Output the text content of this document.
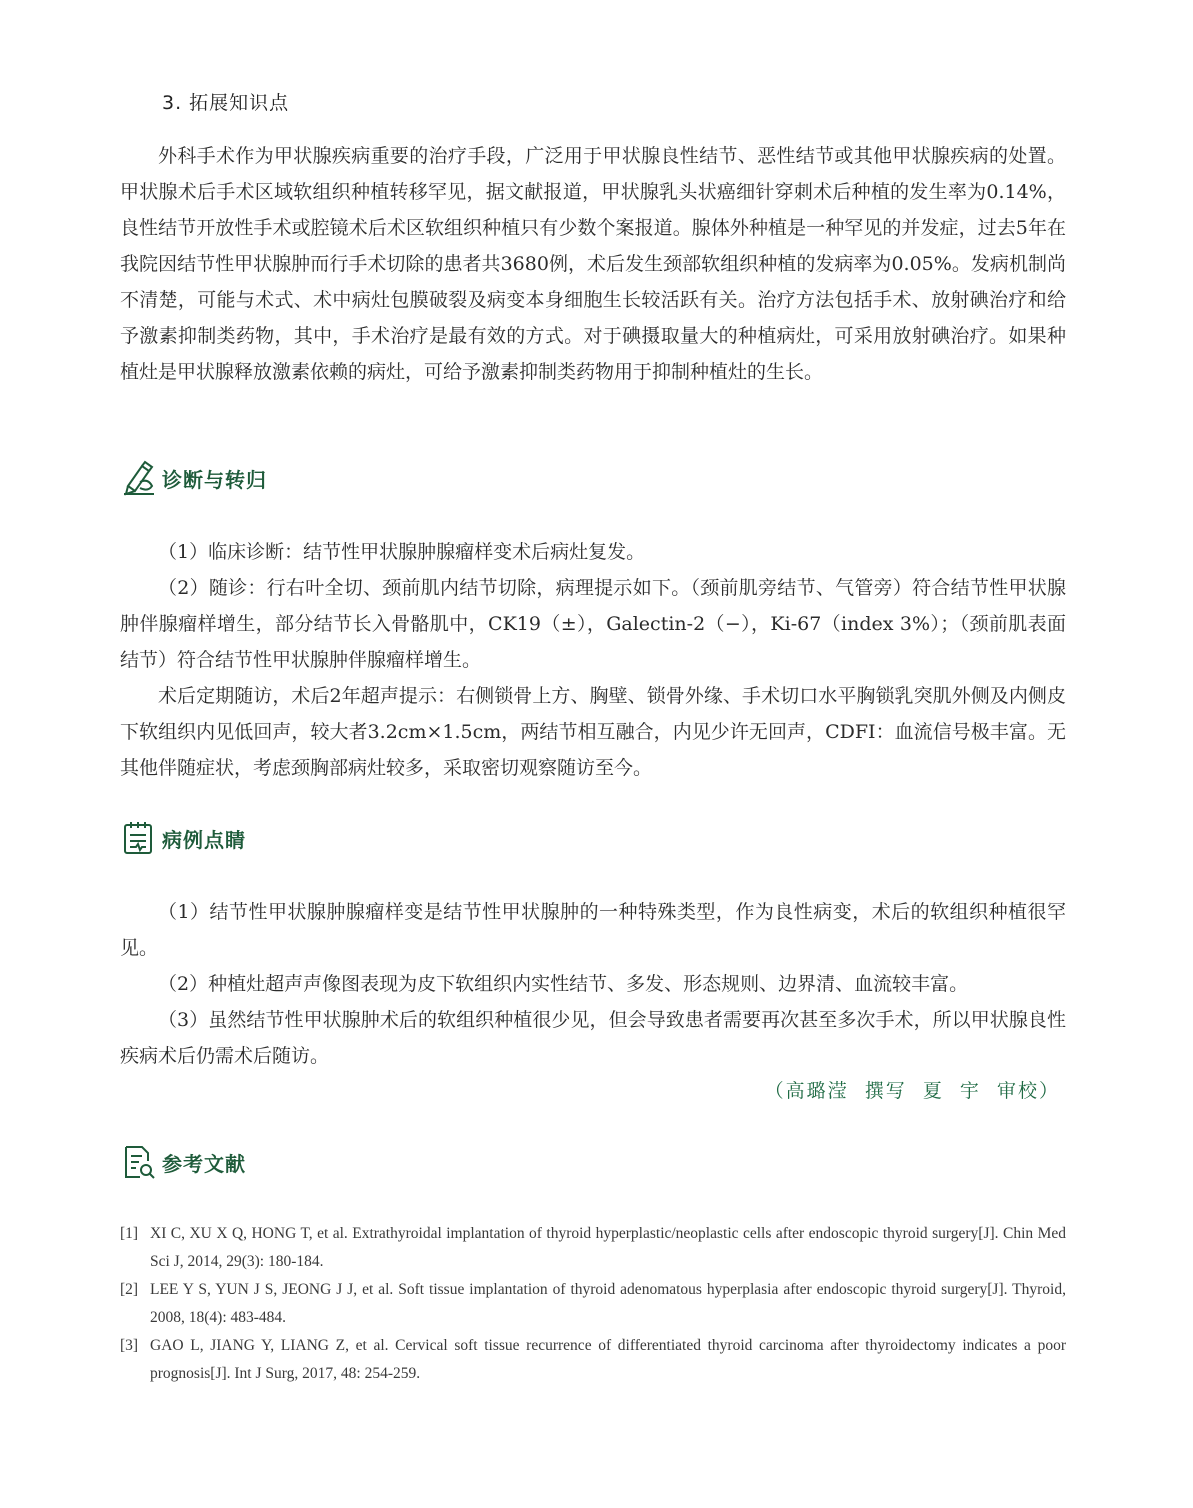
3. 拓展知识点
外科手术作为甲状腺疾病重要的治疗手段，广泛用于甲状腺良性结节、恶性结节或其他甲状腺疾病的处置。甲状腺术后手术区域软组织种植转移罕见，据文献报道，甲状腺乳头状癌细针穿刺术后种植的发生率为0.14%，良性结节开放性手术或腔镜术后术区软组织种植只有少数个案报道。腺体外种植是一种罕见的并发症，过去5年在我院因结节性甲状腺肿而行手术切除的患者共3680例，术后发生颈部软组织种植的发病率为0.05%。发病机制尚不清楚，可能与术式、术中病灶包膜破裂及病变本身细胞生长较活跃有关。治疗方法包括手术、放射碘治疗和给予激素抑制类药物，其中，手术治疗是最有效的方式。对于碘摄取量大的种植病灶，可采用放射碘治疗。如果种植灶是甲状腺释放激素依赖的病灶，可给予激素抑制类药物用于抑制种植灶的生长。
诊断与转归
（1）临床诊断：结节性甲状腺肿腺瘤样变术后病灶复发。
（2）随诊：行右叶全切、颈前肌内结节切除，病理提示如下。（颈前肌旁结节、气管旁）符合结节性甲状腺肿伴腺瘤样增生，部分结节长入骨骼肌中，CK19（±），Galectin-2（−），Ki-67（index 3%）；（颈前肌表面结节）符合结节性甲状腺肿伴腺瘤样增生。
术后定期随访，术后2年超声提示：右侧锁骨上方、胸壁、锁骨外缘、手术切口水平胸锁乳突肌外侧及内侧皮下软组织内见低回声，较大者3.2cm×1.5cm，两结节相互融合，内见少许无回声，CDFI：血流信号极丰富。无其他伴随症状，考虑颈胸部病灶较多，采取密切观察随访至今。
病例点睛
（1）结节性甲状腺肿腺瘤样变是结节性甲状腺肿的一种特殊类型，作为良性病变，术后的软组织种植很罕见。
（2）种植灶超声声像图表现为皮下软组织内实性结节、多发、形态规则、边界清、血流较丰富。
（3）虽然结节性甲状腺肿术后的软组织种植很少见，但会导致患者需要再次甚至多次手术，所以甲状腺良性疾病术后仍需术后随访。
（高璐滢  撰写  夏  宇  审校）
参考文献
[1] XI C, XU X Q, HONG T, et al. Extrathyroidal implantation of thyroid hyperplastic/neoplastic cells after endoscopic thyroid surgery[J]. Chin Med Sci J, 2014, 29(3): 180-184.
[2] LEE Y S, YUN J S, JEONG J J, et al. Soft tissue implantation of thyroid adenomatous hyperplasia after endoscopic thyroid surgery[J]. Thyroid, 2008, 18(4): 483-484.
[3] GAO L, JIANG Y, LIANG Z, et al. Cervical soft tissue recurrence of differentiated thyroid carcinoma after thyroidectomy indicates a poor prognosis[J]. Int J Surg, 2017, 48: 254-259.
